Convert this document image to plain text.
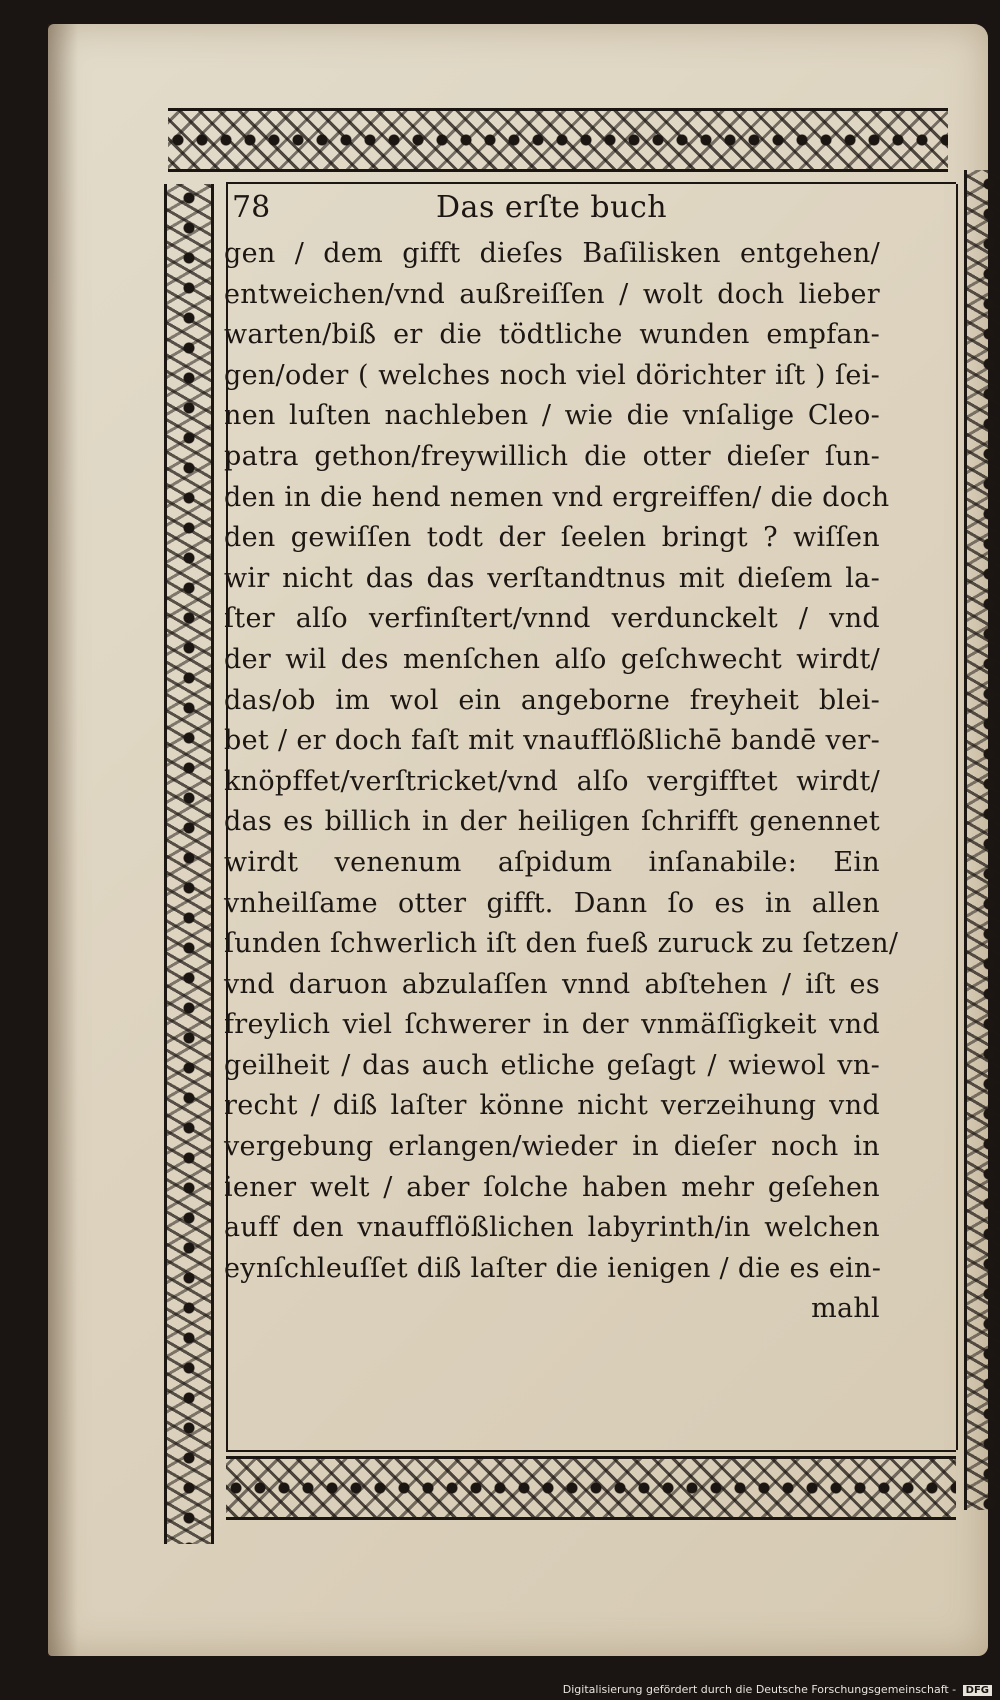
78	Das erſte buch
gen / dem gifft dieſes Baſilisken entgehen/
entweichen/vnd außreiſſen / wolt doch lieber
warten/biß er die tödtliche wunden empfan-
gen/oder ( welches noch viel dörichter iſt ) ſei-
nen luſten nachleben / wie die vnſalige Cleo-
patra gethon/freywillich die otter dieſer ſun-
den in die hend nemen vnd ergreiffen/ die doch
den gewiſſen todt der ſeelen bringt ? wiſſen
wir nicht das das verſtandtnus mit dieſem la-
ſter alſo verfinſtert/vnnd verdunckelt / vnd
der wil des menſchen alſo geſchwecht wirdt/
das/ob im wol ein angeborne freyheit blei-
bet / er doch faſt mit vnaufflößlichē bandē ver-
knöpffet/verſtricket/vnd alſo vergifftet wirdt/
das es billich in der heiligen ſchrifft genennet
wirdt venenum aſpidum inſanabile: Ein
vnheilſame otter gifft. Dann ſo es in allen
ſunden ſchwerlich iſt den fueß zuruck zu ſetzen/
vnd daruon abzulaſſen vnnd abſtehen / iſt es
freylich viel ſchwerer in der vnmäſſigkeit vnd
geilheit / das auch etliche geſagt / wiewol vn-
recht / diß laſter könne nicht verzeihung vnd
vergebung erlangen/wieder in dieſer noch in
iener welt / aber ſolche haben mehr geſehen
auff den vnaufflößlichen labyrinth/in welchen
eynſchleuſſet diß laſter die ienigen / die es ein-
mahl
Digitalisierung gefördert durch die Deutsche Forschungsgemeinschaft - DFG
